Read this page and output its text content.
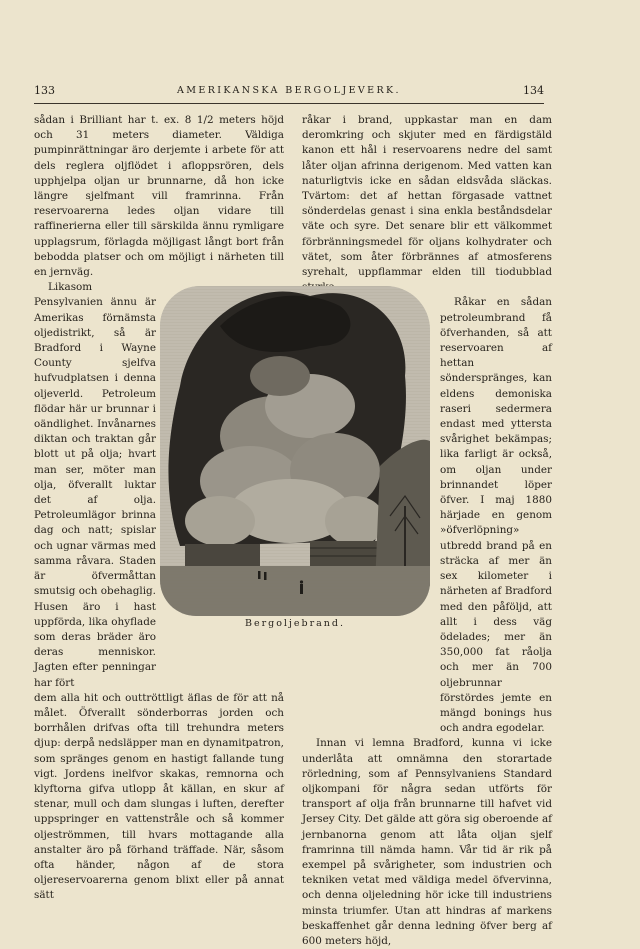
133	AMERIKANSKA BERGOLJEVERK.	134

sådan i Brilliant har t. ex. 8 1/2 meters höjd och 31 meters diameter. Väldiga pumpinrättningar äro derjemte i arbete för att dels reglera oljflödet i afloppsrören, dels upphjelpa oljan ur brunnarne, då hon icke längre sjelfmant vill framrinna. Från reservoarerna ledes oljan vidare till raffinerierna eller till särskilda ännu rymligare upplagsrum, förlagda möjligast långt bort från bebodda platser och om möjligt i närheten till en jernväg.

Likasom Pensylvanien ännu är Amerikas förnämsta oljedistrikt, så är Bradford i Wayne County sjelfva hufvudplatsen i denna oljeverld. Petroleum flödar här ur brunnar i oändlighet. Invånarnes diktan och traktan går blott ut på olja; hvart man ser, möter man olja, öfverallt luktar det af olja. Petroleumlägor brinna dag och natt; spislar och ugnar värmas med samma råvara. Staden är öfvermåttan smutsig och obehaglig. Husen äro i hast uppförda, lika ohyflade som deras bräder äro deras menniskor. Jagten efter penningar har fört

dem alla hit och outtröttligt äflas de för att nå målet. Öfverallt sönderborras jorden och borrhålen drifvas ofta till trehundra meters djup: derpå nedsläpper man en dynamitpatron, som spränges genom en hastigt fallande tung vigt. Jordens inelfvor skakas, remnorna och klyftorna gifva utlopp åt källan, en skur af stenar, mull och dam slungas i luften, derefter uppspringer en vattenstråle och så kommer oljeströmmen, till hvars mottagande alla anstalter äro på förhand träffade. När, såsom ofta händer, någon af de stora oljereservoarerna genom blixt eller på annat sätt

råkar i brand, uppkastar man en dam deromkring och skjuter med en färdigstäld kanon ett hål i reservoarens nedre del samt låter oljan afrinna derigenom. Med vatten kan naturligtvis icke en sådan eldsvåda släckas. Tvärtom: det af hettan förgasade vattnet sönderdelas genast i sina enkla beståndsdelar väte och syre. Det senare blir ett välkommet förbränningsmedel för oljans kolhydrater och vätet, som åter förbrännes af atmosferens syrehalt, uppflammar elden till tiodubblad

Råkar en sådan petroleumbrand få öfverhanden, så att reservoaren af hettan sönderspränges, kan eldens demoniska raseri sedermera endast med yttersta svårighet bekämpas; lika farligt är också, om oljan under brinnandet löper öfver. I maj 1880 härjade en genom »öfverlöpning» utbredd brand på en sträcka af mer än sex kilometer i närheten af Bradford med den påföljd, att allt i dess väg ödelades; mer än 350,000 fat råolja och mer än 700 oljebrunnar förstördes jemte en mängd bonings hus och andra egodelar.

Innan vi lemna Bradford, kunna vi icke underlåta att omnämna den storartade rörledning, som af Pennsylvaniens Standard oljkompani för några sedan utförts för transport af olja från brunnarne till hafvet vid Jersey City. Det gälde att göra sig oberoende af jernbanorna genom att låta oljan sjelf framrinna till nämda hamn. Vår tid är rik på exempel på svårigheter, som industrien och tekniken vetat med väldiga medel öfvervinna, och denna oljeledning hör icke till industriens minsta triumfer. Utan att hindras af markens beskaffenhet går denna ledning öfver berg af 600 meters höjd,

Bergoljebrand.
